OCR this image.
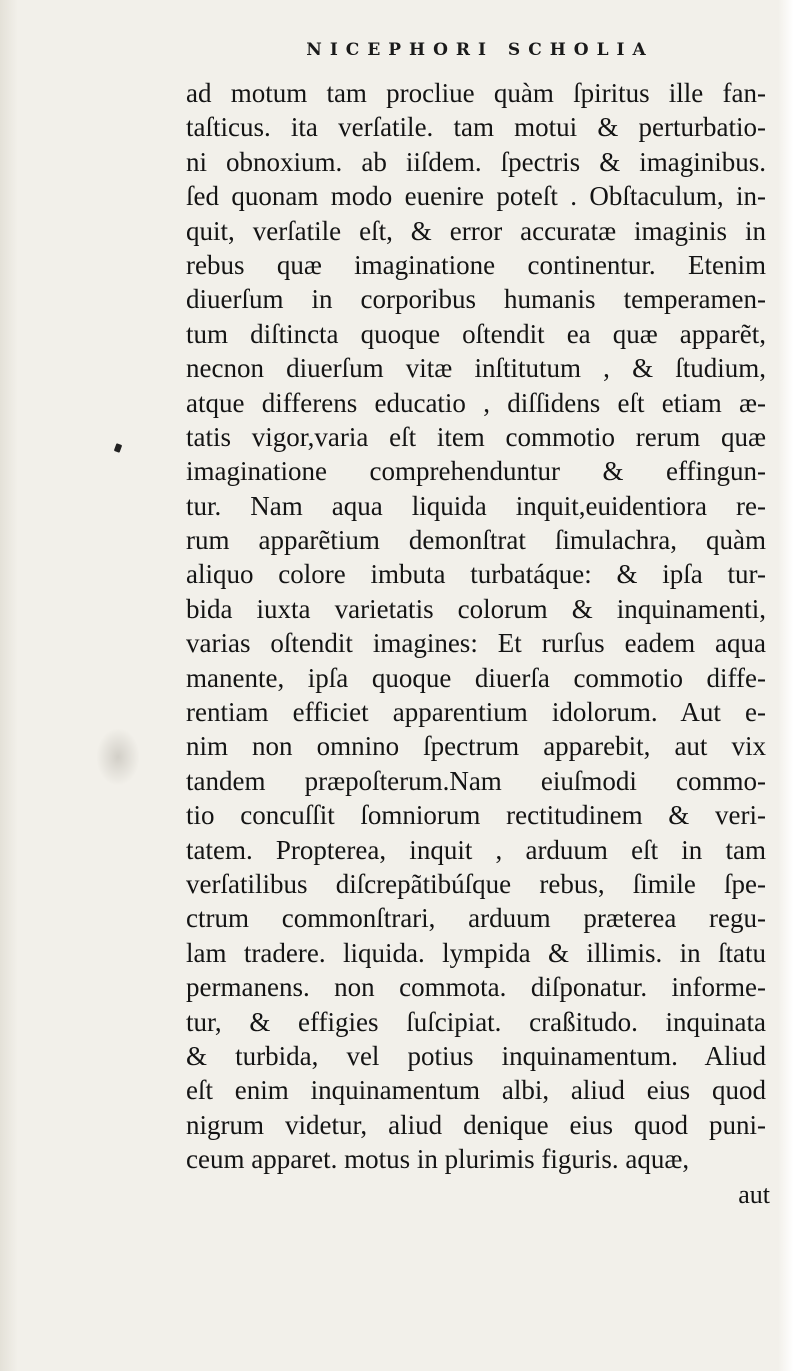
NICEPHORI SCHOLIA
ad motum tam procliue quàm ſpiritus ille fan-
taſticus. ita verſatile. tam motui & perturbatio-
ni obnoxium. ab iiſdem. ſpectris & imaginibus.
ſed quonam modo euenire poteſt . Obſtaculum, in-
quit, verſatile eſt, & error accuratæ imaginis in
rebus quæ imaginatione continentur. Etenim
diuerſum in corporibus humanis temperamen-
tum diſtincta quoque oſtendit ea quæ apparẽt,
necnon diuerſum vitæ inſtitutum , & ſtudium,
atque differens educatio , diſſidens eſt etiam æ-
tatis vigor,varia eſt item commotio rerum quæ
imaginatione comprehenduntur & effingun-
tur. Nam aqua liquida inquit,euidentiora re-
rum apparẽtium demonſtrat ſimulachra, quàm
aliquo colore imbuta turbatáque: & ipſa tur-
bida iuxta varietatis colorum & inquinamenti,
varias oſtendit imagines: Et rurſus eadem aqua
manente, ipſa quoque diuerſa commotio diffe-
rentiam efficiet apparentium idolorum. Aut e-
nim non omnino ſpectrum apparebit, aut vix
tandem præpoſterum.Nam eiuſmodi commo-
tio concuſſit ſomniorum rectitudinem & veri-
tatem. Propterea, inquit , arduum eſt in tam
verſatilibus diſcrepãtibúſque rebus, ſimile ſpe-
ctrum commonſtrari, arduum præterea regu-
lam tradere. liquida. lympida & illimis. in ſtatu
permanens. non commota. diſponatur. informe-
tur, & effigies ſuſcipiat. craßitudo. inquinata
& turbida, vel potius inquinamentum. Aliud
eſt enim inquinamentum albi, aliud eius quod
nigrum videtur, aliud denique eius quod puni-
ceum apparet. motus in plurimis figuris. aquæ,
aut
